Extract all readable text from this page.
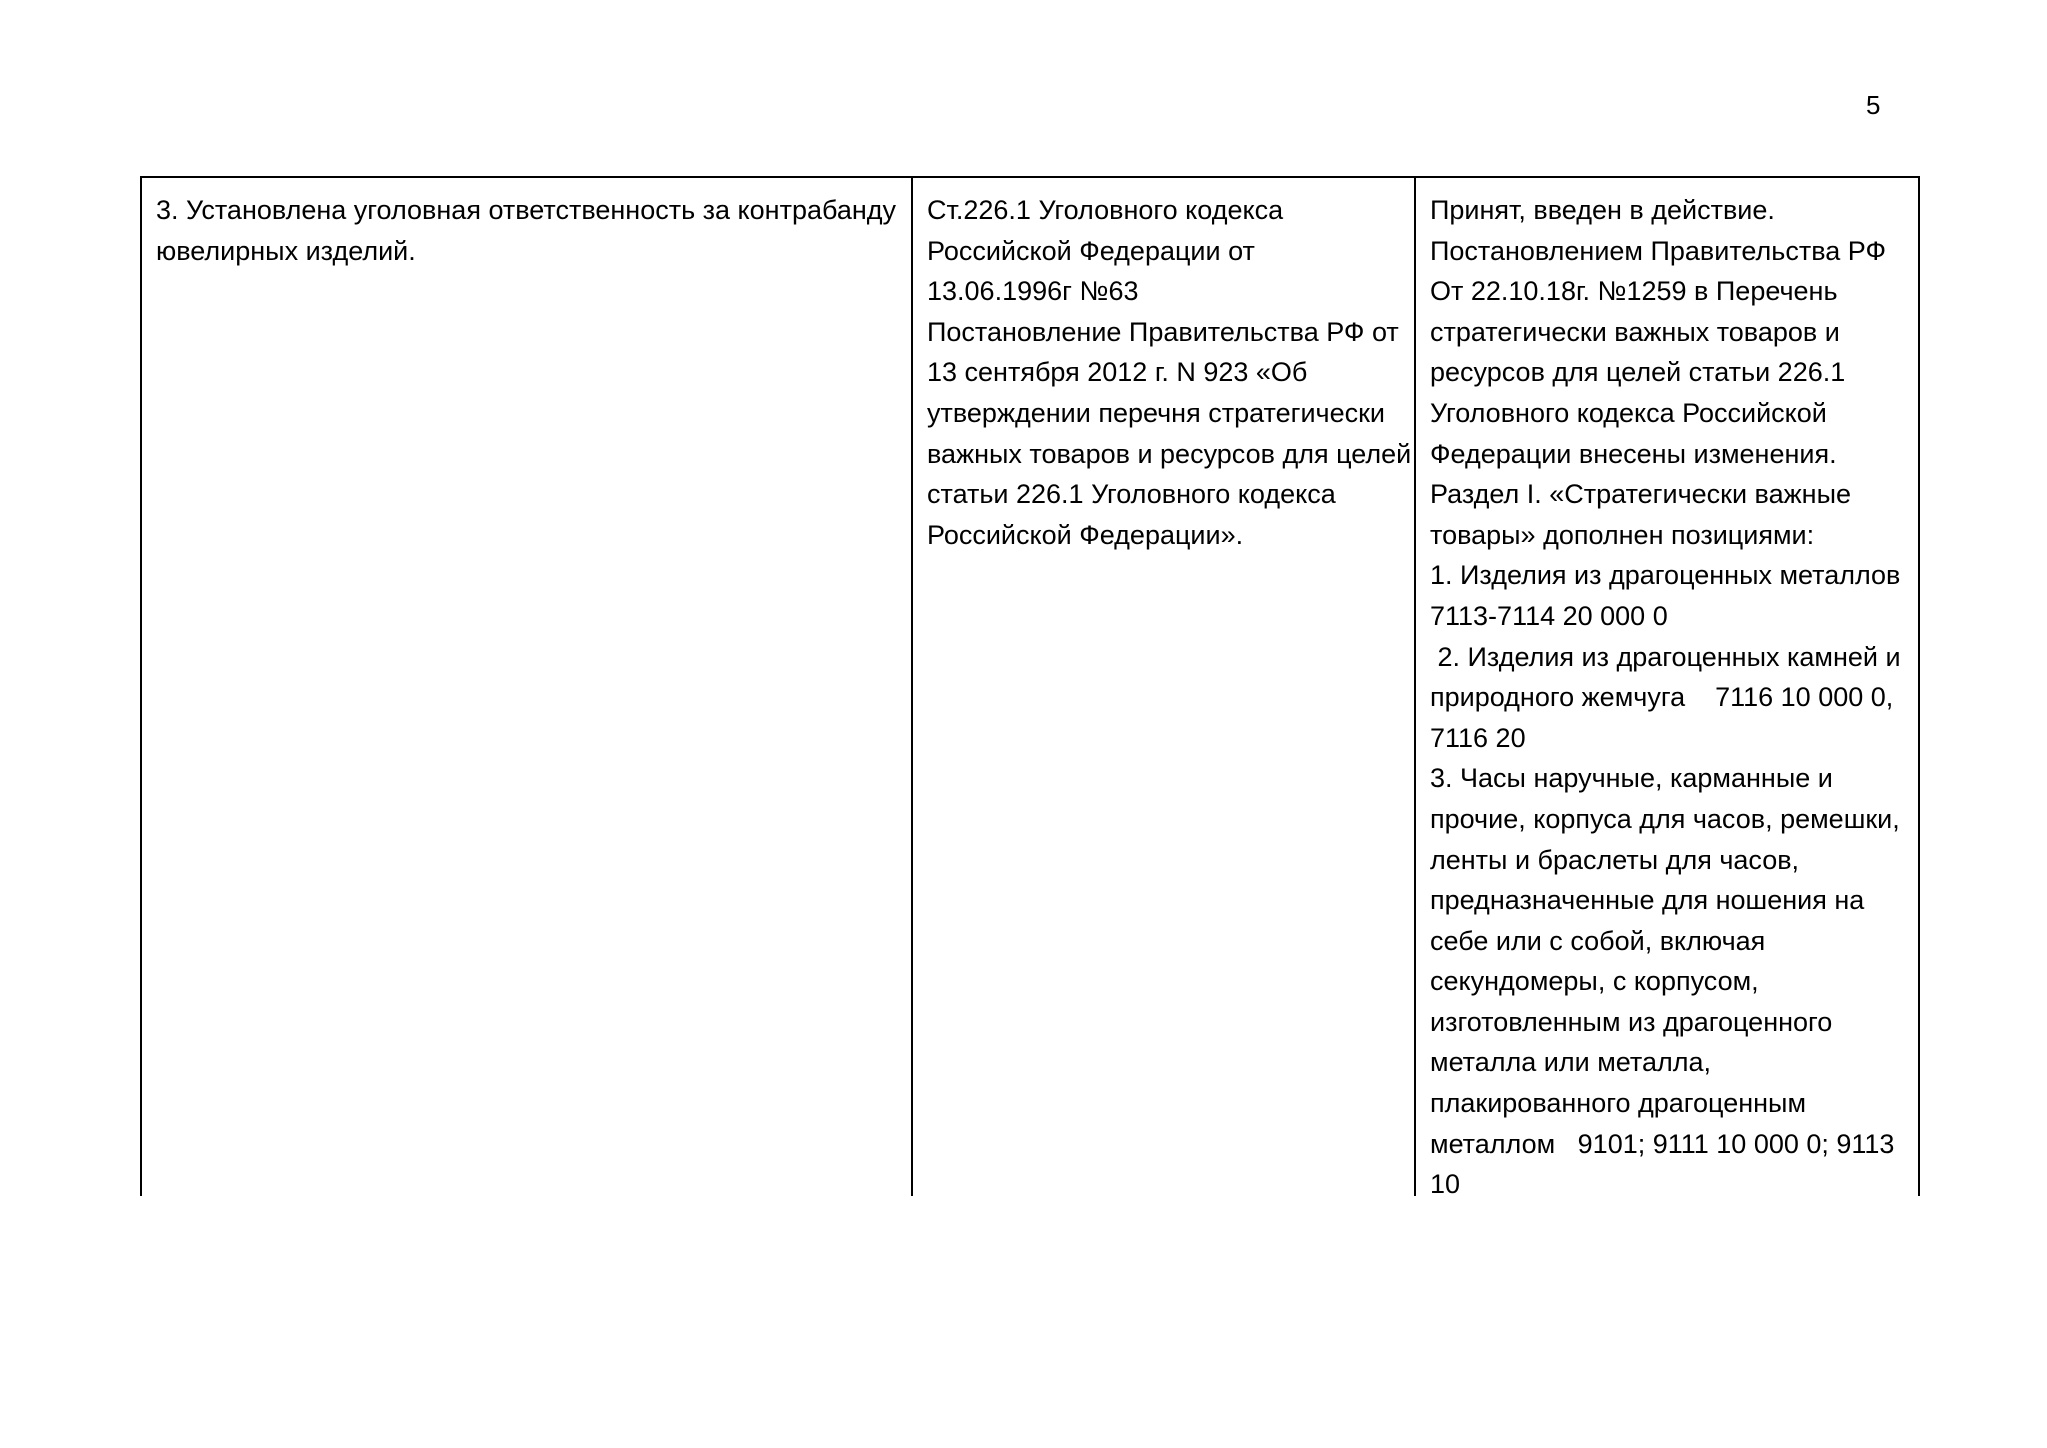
5
3. Установлена уголовная ответственность за контрабанду
ювелирных изделий.
Ст.226.1 Уголовного кодекса
Российской Федерации от
13.06.1996г №63
Постановление Правительства РФ от
13 сентября 2012 г. N 923 «Об
утверждении перечня стратегически
важных товаров и ресурсов для целей
статьи 226.1 Уголовного кодекса
Российской Федерации».
Принят, введен в действие.
Постановлением Правительства РФ
От 22.10.18г. №1259 в Перечень
стратегически важных товаров и
ресурсов для целей статьи 226.1
Уголовного кодекса Российской
Федерации внесены изменения.
Раздел I. «Стратегически важные
товары» дополнен позициями:
1. Изделия из драгоценных металлов
7113-7114 20 000 0
2. Изделия из драгоценных камней и
природного жемчуга    7116 10 000 0,
7116 20
3. Часы наручные, карманные и
прочие, корпуса для часов, ремешки,
ленты и браслеты для часов,
предназначенные для ношения на
себе или с собой, включая
секундомеры, с корпусом,
изготовленным из драгоценного
металла или металла,
плакированного драгоценным
металлом   9101; 9111 10 000 0; 9113
10
